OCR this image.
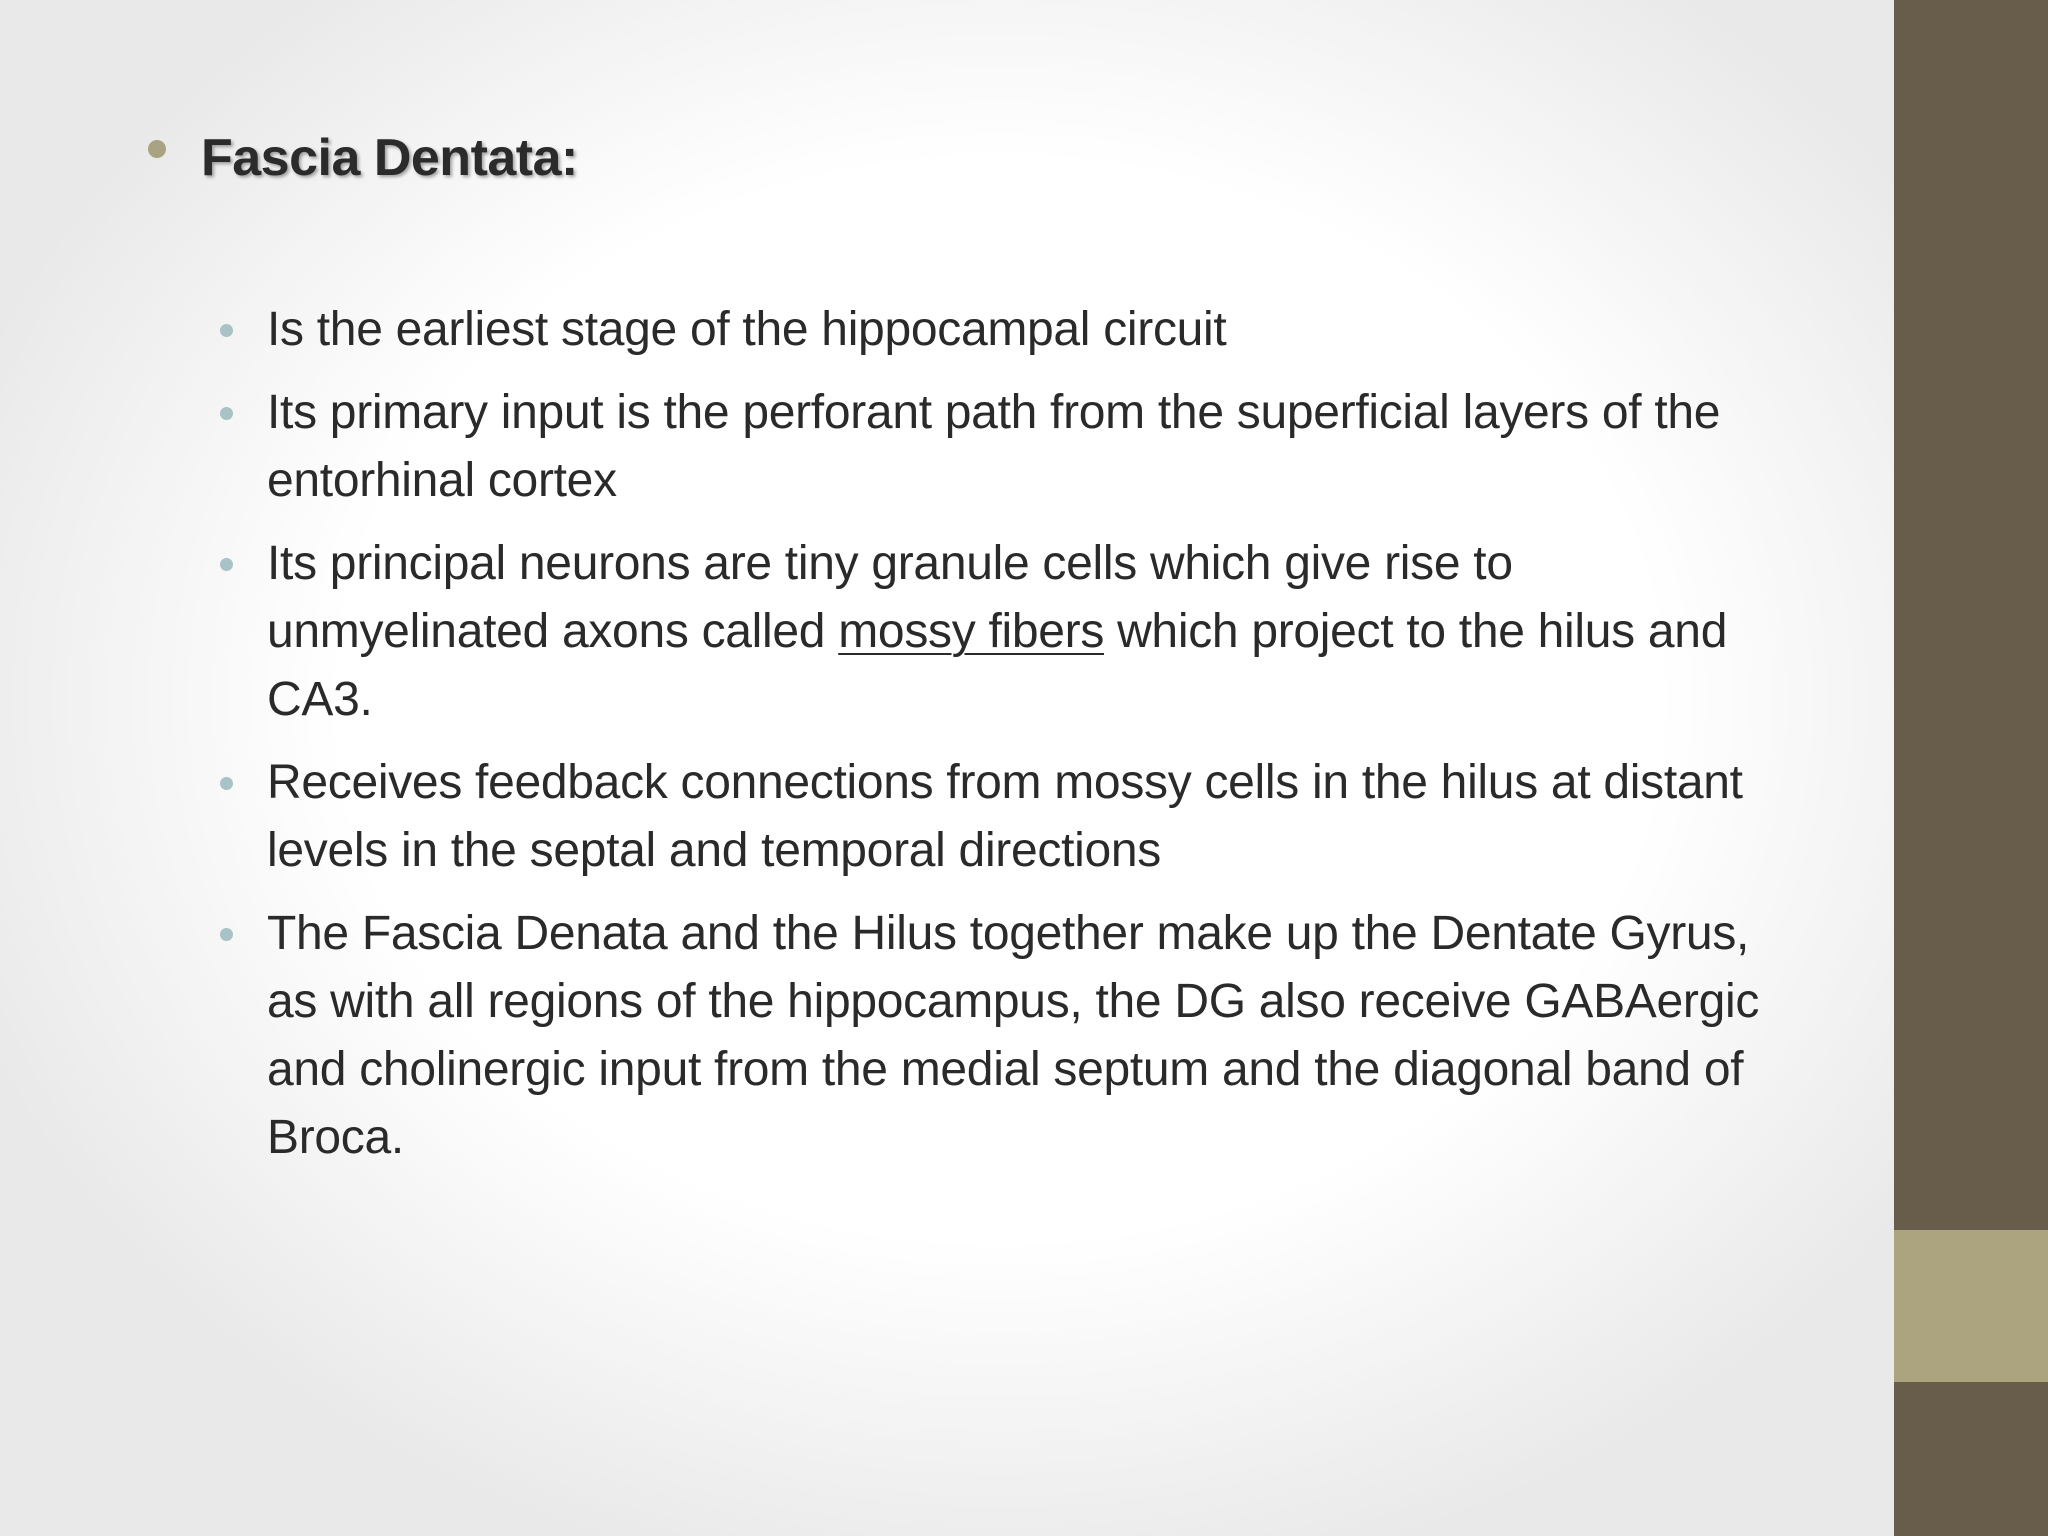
Fascia Dentata:
Is the earliest stage of the hippocampal circuit
Its primary input is the perforant path from the superficial layers of the entorhinal cortex
Its principal neurons are tiny granule cells which give rise to unmyelinated axons called mossy fibers which project to the hilus and CA3.
Receives feedback connections from mossy cells in the hilus at distant levels in the septal and temporal directions
The Fascia Denata and the Hilus together make up the Dentate Gyrus, as with all regions of the hippocampus, the DG also receive GABAergic and cholinergic input from the medial septum and the diagonal band of Broca.
